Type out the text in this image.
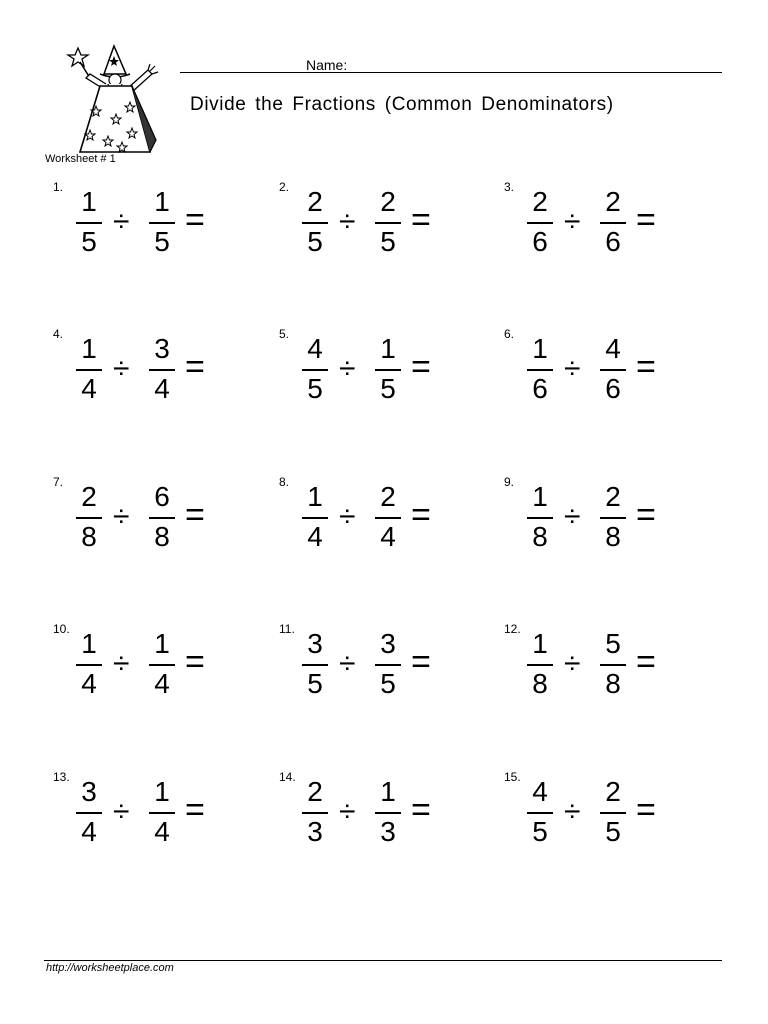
Worksheet # 1
Name:
Divide the Fractions (Common Denominators)
1. 1
5
÷
1
5
=
2. 2
5
÷
2
5
=
3. 2
6
÷
2
6
=
4. 1
4
÷
3
4
=
5. 4
5
÷
1
5
=
6. 1
6
÷
4
6
=
7. 2
8
÷
6
8
=
8. 1
4
÷
2
4
=
9. 1
8
÷
2
8
=
10. 1
4
÷
1
4
=
11. 3
5
÷
3
5
=
12. 1
8
÷
5
8
=
13. 3
4
÷
1
4
=
14. 2
3
÷
1
3
=
15. 4
5
÷
2
5
=
http://worksheetplace.com
